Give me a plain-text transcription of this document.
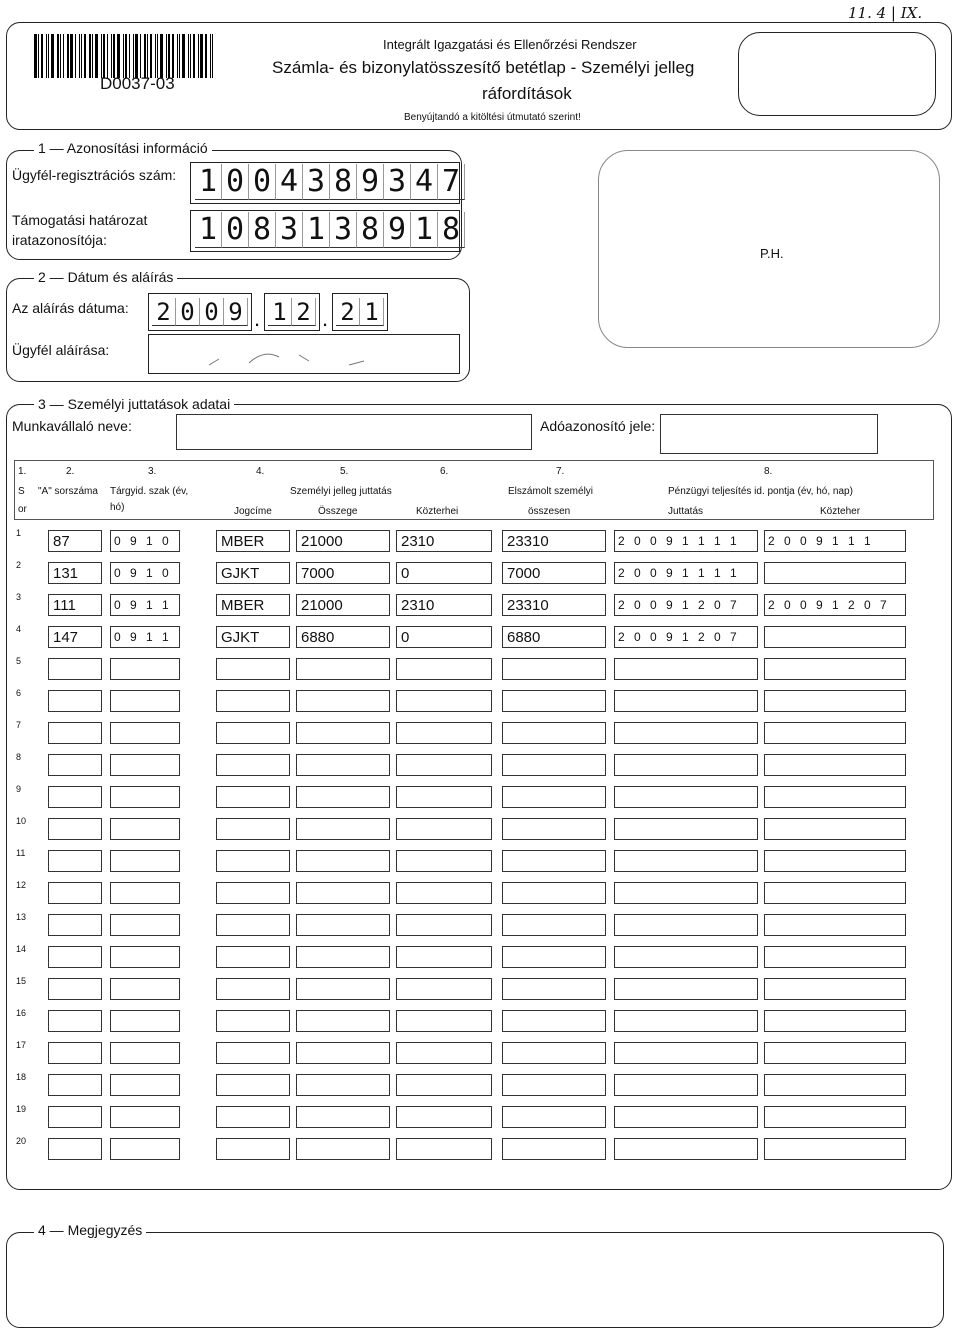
D0037-03
Integrált Igazgatási és Ellenőrzési Rendszer
Számla- és bizonylatösszesítő betétlap - Személyi jelleg
ráfordítások
Benyújtandó a kitöltési útmutató szerint!
11. 4 | IX.
1 — Azonosítási információ
Ügyfél-regisztrációs szám: 1 0 0 4 3 8 9 3 4 7
Támogatási határozat
iratazonosítója:	1 0 8 3 1 3 8 9 1 8
P.H.
2 — Dátum és aláírás
Az aláírás dátuma: 2 0 0 9 . 1 2 . 2 1
Ügyfél aláírása:
3 — Személyi juttatások adatai
Munkavállaló neve:	Adóazonosító jele:
1.	2.	3.	4.	5.	6.	7.	8.
S
or
"A" sorszáma Tárgyid. szak (év,
hó)	Jogcíme
Személyi jelleg juttatás
Összege	Közterhei
Elszámolt személyi
összesen
Pénzügyi teljesítés id. pontja (év, hó, nap)
Juttatás	Közteher
1	87	0 9 1 0	MBER	21000	2310	23310	2 0 0 9 1 1 1 1	2 0 0 9 1 1 1
2	131	0 9 1 0	GJKT	7000	0	7000	2 0 0 9 1 1 1 1
3	111	0 9 1 1	MBER	21000	2310	23310	2 0 0 9 1 2 0 7	2 0 0 9 1 2 0 7
4	147	0 9 1 1	GJKT	6880	0	6880	2 0 0 9 1 2 0 7
5
6
7
8
9
10
11
12
13
14
15
16
17
18
19
20
4 — Megjegyzés
